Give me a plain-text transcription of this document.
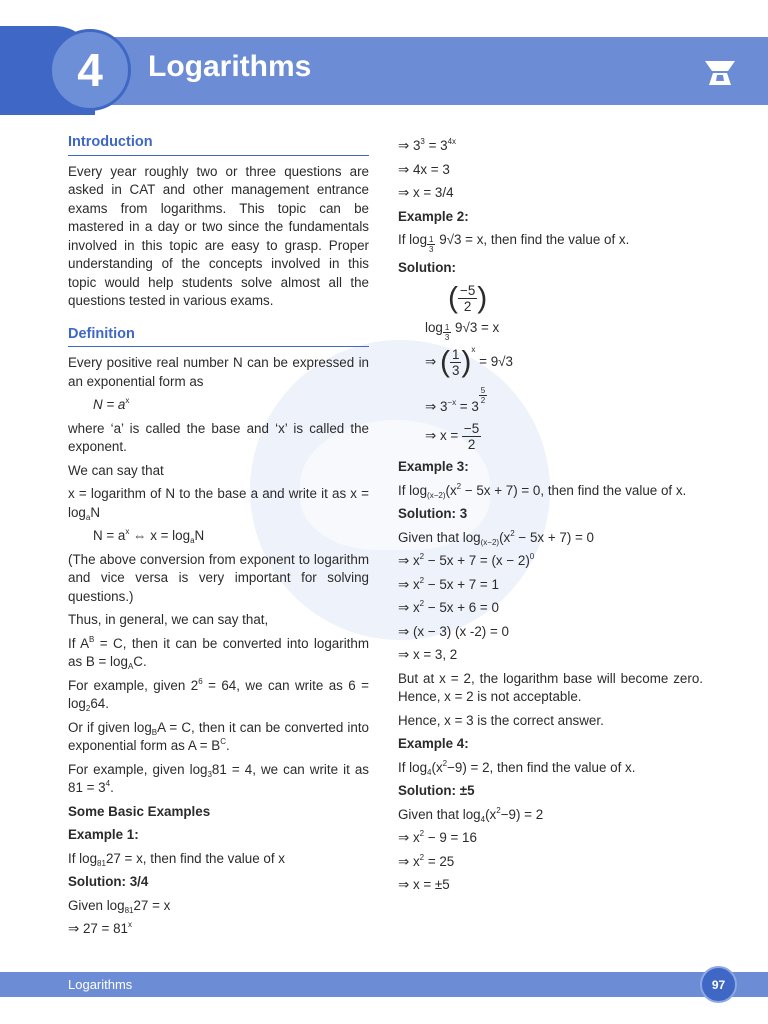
4 Logarithms
Introduction

Every year roughly two or three questions are asked in CAT and other management entrance exams from logarithms. This topic can be mastered in a day or two since the fundamentals involved in this topic are easy to grasp. Proper understanding of the concepts involved in this topic would help students solve almost all the questions tested in various exams.

Definition

Every positive real number N can be expressed in an exponential form as

$N = a^x$

where ‘a’ is called the base and ‘x’ is called the exponent.

We can say that

x = logarithm of N to the base a and write it as $x = \log_aN$

$N = a^x$ ⇔ $x = \log_aN$

(The above conversion from exponent to logarithm and vice versa is very important for solving questions.)

Thus, in general, we can say that,

If $A^B = C$, then it can be converted into logarithm as $B = \log_AC$.

For example, given $2^6 = 64$, we can write as $6 = \log_264$.

Or if given $\log_BA = C$, then it can be converted into exponential form as $A = B^C$.

For example, given $\log_381 = 4$, we can write it as $81 = 3^4$.

Some Basic Examples

Example 1:

If $\log_{81}27 = x$, then find the value of x

Solution: 3/4

Given $\log_{81}27 = x$

⇒ $27 = 81^x$

⇒ $3^3 = 3^{4x}$

⇒ 4x = 3

⇒ x = 3/4

Example 2:

If $\log \frac{1}{3} 9√3 = x$, then find the value of x.

Solution:

( $\frac{-5}{2}$ )

$\log \frac{1}{3} 9√3 = x$

⇒ ( $\frac{1}{3} )^x = 9√3$

⇒ $3^{-x} = 3$
$\frac{5}{2}$

⇒ $x = \frac{-5}{2}$

Example 3:

If $\log_{(x-2)}(x^2 - 5x + 7) = 0$, then find the value of x.

Solution: 3

Given that $\log_{(x-2)}(x^2 - 5x + 7) = 0$

⇒ $x^2 - 5x + 7 = (x - 2)^0$

⇒ $x^2 - 5x + 7 = 1$

⇒ $x^2 - 5x + 6 = 0$

⇒ (x − 3) (x -2) = 0

⇒ x = 3, 2

But at x = 2, the logarithm base will become zero. Hence, x = 2 is not acceptable.

Hence, x = 3 is the correct answer.

Example 4:

If $\log_4(x^2-9) = 2$, then find the value of x.

Solution: ±5

Given that $\log_4(x^2-9) = 2$

⇒ $x^2 - 9 = 16$

⇒ $x^2 = 25$

⇒ x = ±5

Logarithms	97
